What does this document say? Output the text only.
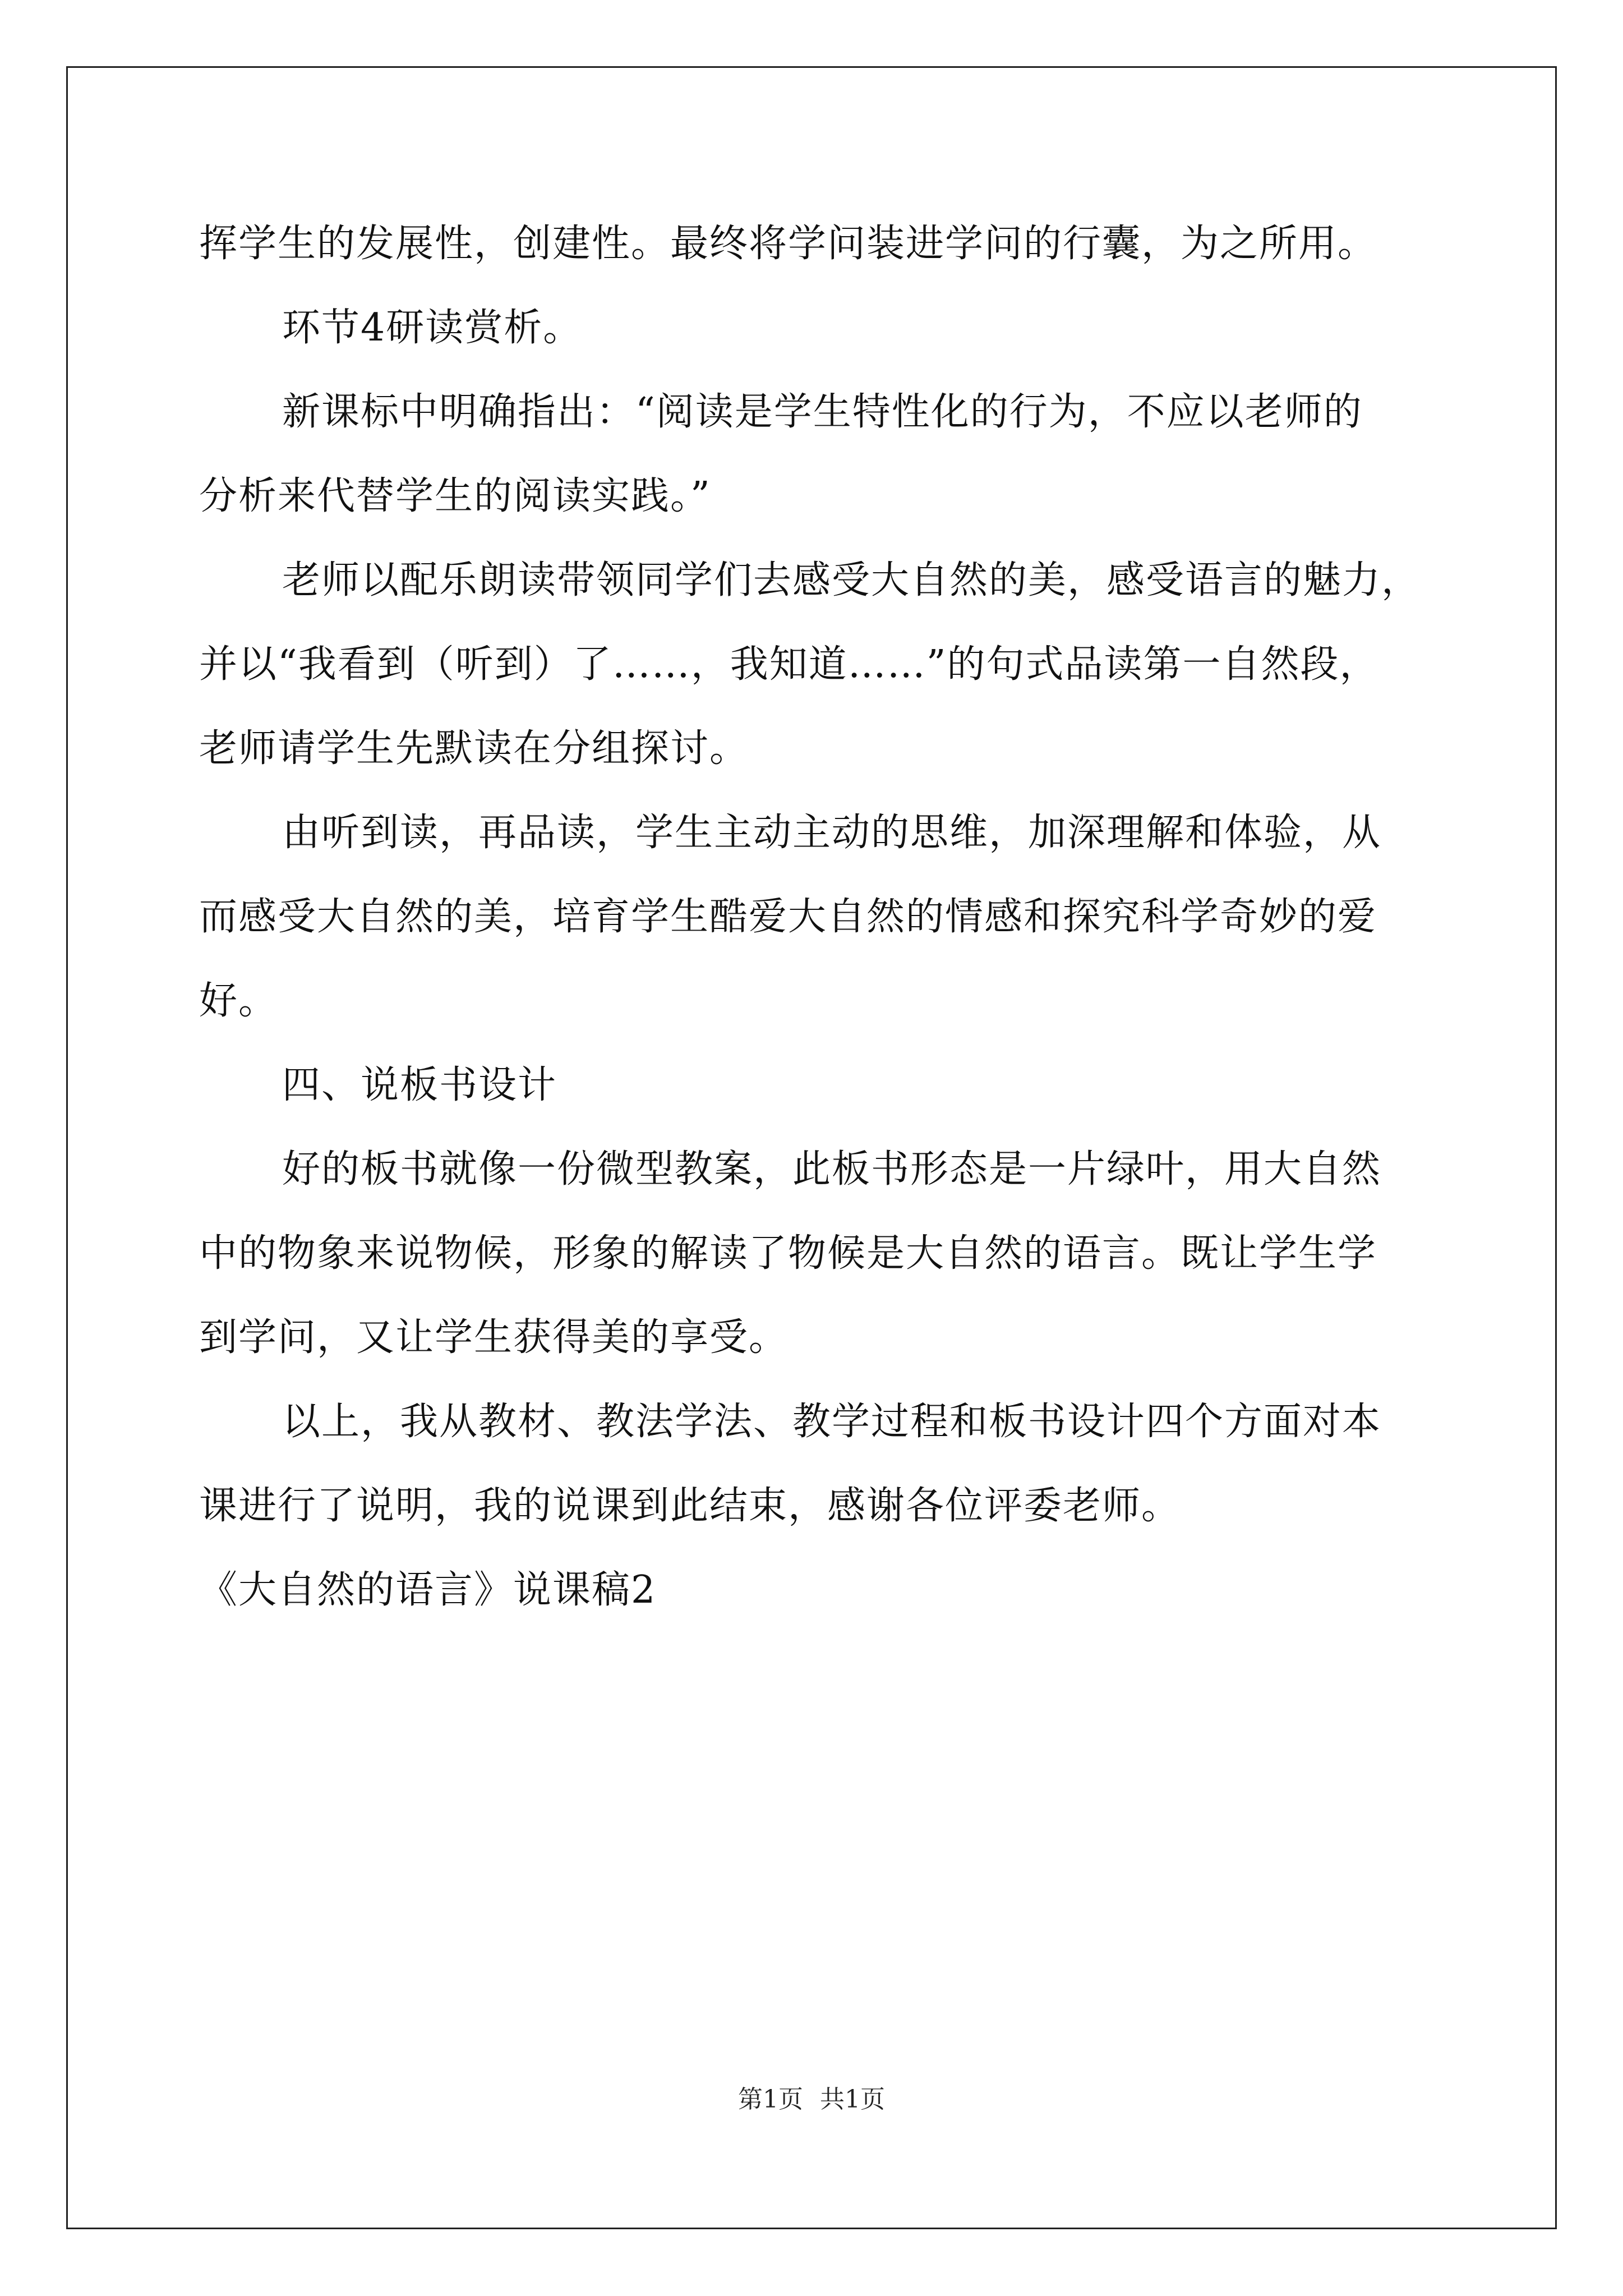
挥学生的发展性，创建性。最终将学问装进学问的行囊，为之所用。
环节4研读赏析。
新课标中明确指出：“阅读是学生特性化的行为，不应以老师的
分析来代替学生的阅读实践。”
老师以配乐朗读带领同学们去感受大自然的美，感受语言的魅力，
并以“我看到（听到）了……，我知道……”的句式品读第一自然段，
老师请学生先默读在分组探讨。
由听到读，再品读，学生主动主动的思维，加深理解和体验，从
而感受大自然的美，培育学生酷爱大自然的情感和探究科学奇妙的爱
好。
四、说板书设计
好的板书就像一份微型教案，此板书形态是一片绿叶，用大自然
中的物象来说物候，形象的解读了物候是大自然的语言。既让学生学
到学问，又让学生获得美的享受。
以上，我从教材、教法学法、教学过程和板书设计四个方面对本
课进行了说明，我的说课到此结束，感谢各位评委老师。
《大自然的语言》说课稿2
第1页 共1页
